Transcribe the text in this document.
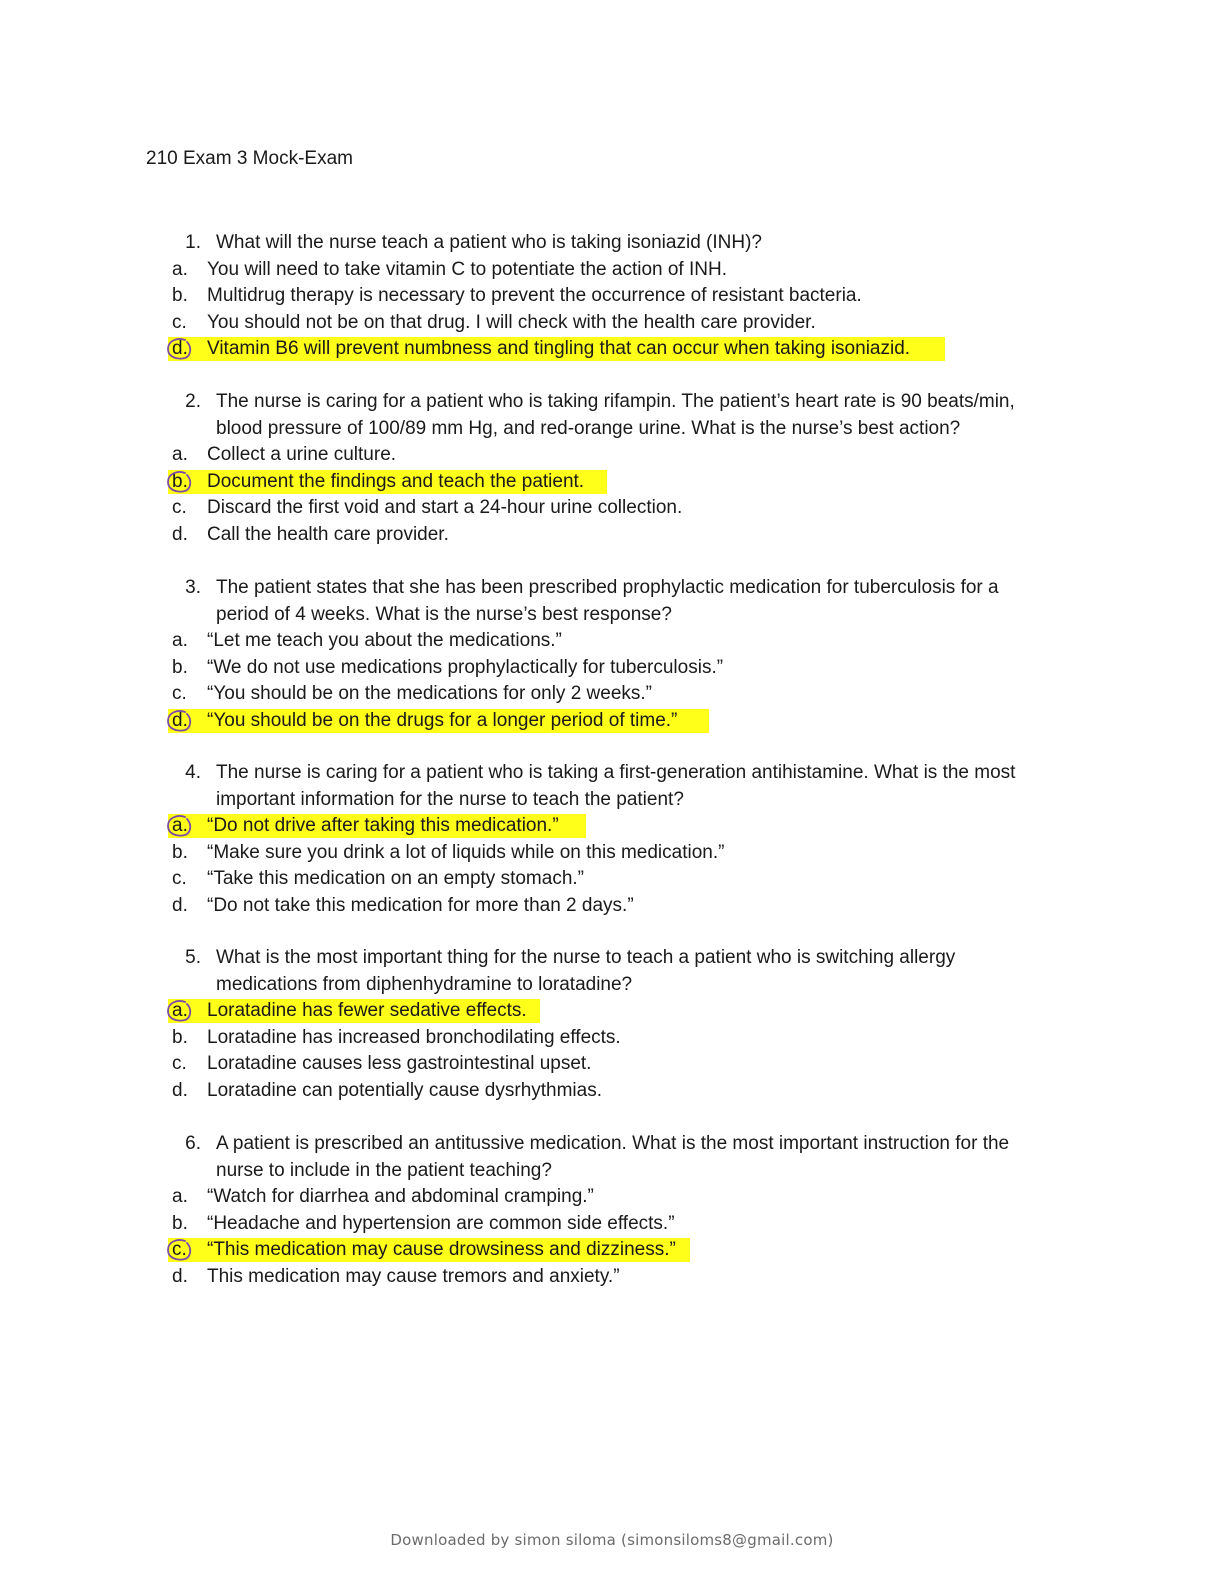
210 Exam 3 Mock-Exam
1. What will the nurse teach a patient who is taking isoniazid (INH)?
a. You will need to take vitamin C to potentiate the action of INH.
b. Multidrug therapy is necessary to prevent the occurrence of resistant bacteria.
c. You should not be on that drug. I will check with the health care provider.
d. Vitamin B6 will prevent numbness and tingling that can occur when taking isoniazid.
2. The nurse is caring for a patient who is taking rifampin. The patient’s heart rate is 90 beats/min,
blood pressure of 100/89 mm Hg, and red-orange urine. What is the nurse’s best action?
a. Collect a urine culture.
b. Document the findings and teach the patient.
c. Discard the first void and start a 24-hour urine collection.
d. Call the health care provider.
3. The patient states that she has been prescribed prophylactic medication for tuberculosis for a
period of 4 weeks. What is the nurse’s best response?
a. “Let me teach you about the medications.”
b. “We do not use medications prophylactically for tuberculosis.”
c. “You should be on the medications for only 2 weeks.”
d. “You should be on the drugs for a longer period of time.”
4. The nurse is caring for a patient who is taking a first-generation antihistamine. What is the most
important information for the nurse to teach the patient?
a. “Do not drive after taking this medication.”
b. “Make sure you drink a lot of liquids while on this medication.”
c. “Take this medication on an empty stomach.”
d. “Do not take this medication for more than 2 days.”
5. What is the most important thing for the nurse to teach a patient who is switching allergy
medications from diphenhydramine to loratadine?
a. Loratadine has fewer sedative effects.
b. Loratadine has increased bronchodilating effects.
c. Loratadine causes less gastrointestinal upset.
d. Loratadine can potentially cause dysrhythmias.
6. A patient is prescribed an antitussive medication. What is the most important instruction for the
nurse to include in the patient teaching?
a. “Watch for diarrhea and abdominal cramping.”
b. “Headache and hypertension are common side effects.”
c. “This medication may cause drowsiness and dizziness.”
d. This medication may cause tremors and anxiety.”
Downloaded by simon siloma (simonsiloms8@gmail.com)
